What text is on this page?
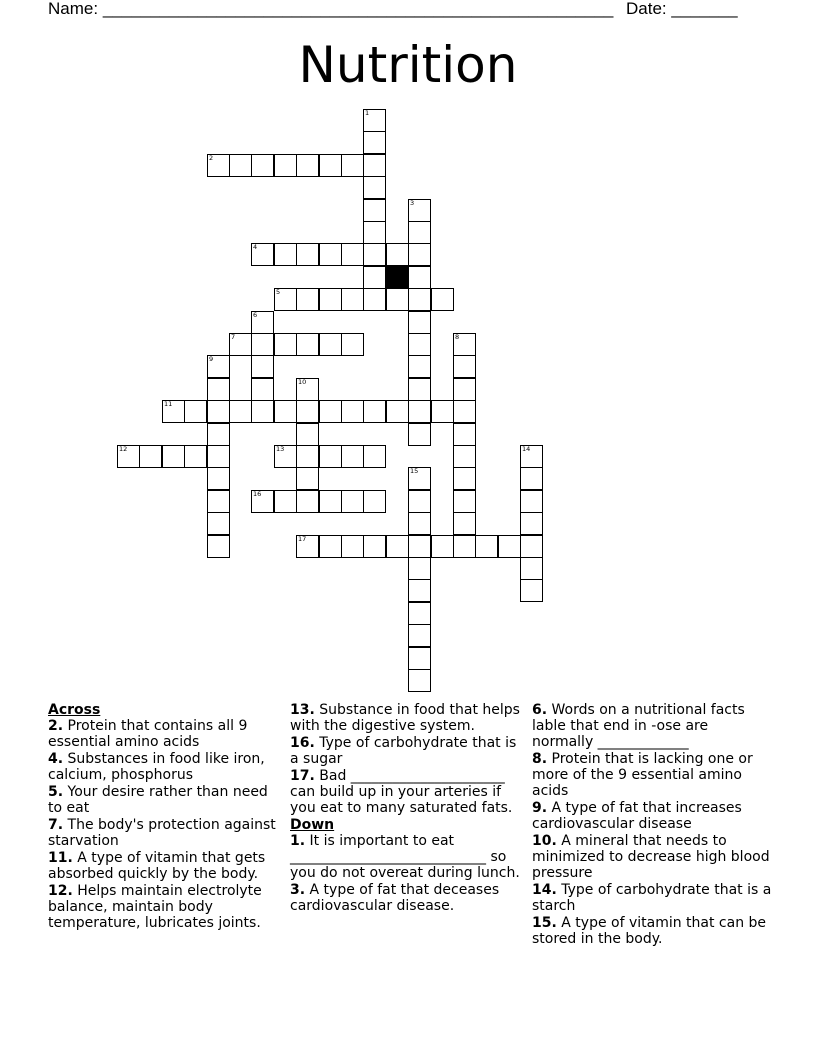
Name: ______________________________________________________ Date: _______
Nutrition
1
2
3
4
5
6
7	8
9
10
11
12	13	14
15
16
17
Across
2. Protein that contains all 9 essential amino acids
4. Substances in food like iron, calcium, phosphorus
5. Your desire rather than need to eat
7. The body's protection against starvation
11. A type of vitamin that gets absorbed quickly by the body.
12. Helps maintain electrolyte balance, maintain body temperature, lubricates joints.
13. Substance in food that helps with the digestive system.
16. Type of carbohydrate that is a sugar
17. Bad ______________________ can build up in your arteries if you eat to many saturated fats.
Down
1. It is important to eat ____________________________ so you do not overeat during lunch.
3. A type of fat that deceases cardiovascular disease.
6. Words on a nutritional facts lable that end in -ose are normally _____________
8. Protein that is lacking one or more of the 9 essential amino acids
9. A type of fat that increases cardiovascular disease
10. A mineral that needs to minimized to decrease high blood pressure
14. Type of carbohydrate that is a starch
15. A type of vitamin that can be stored in the body.
